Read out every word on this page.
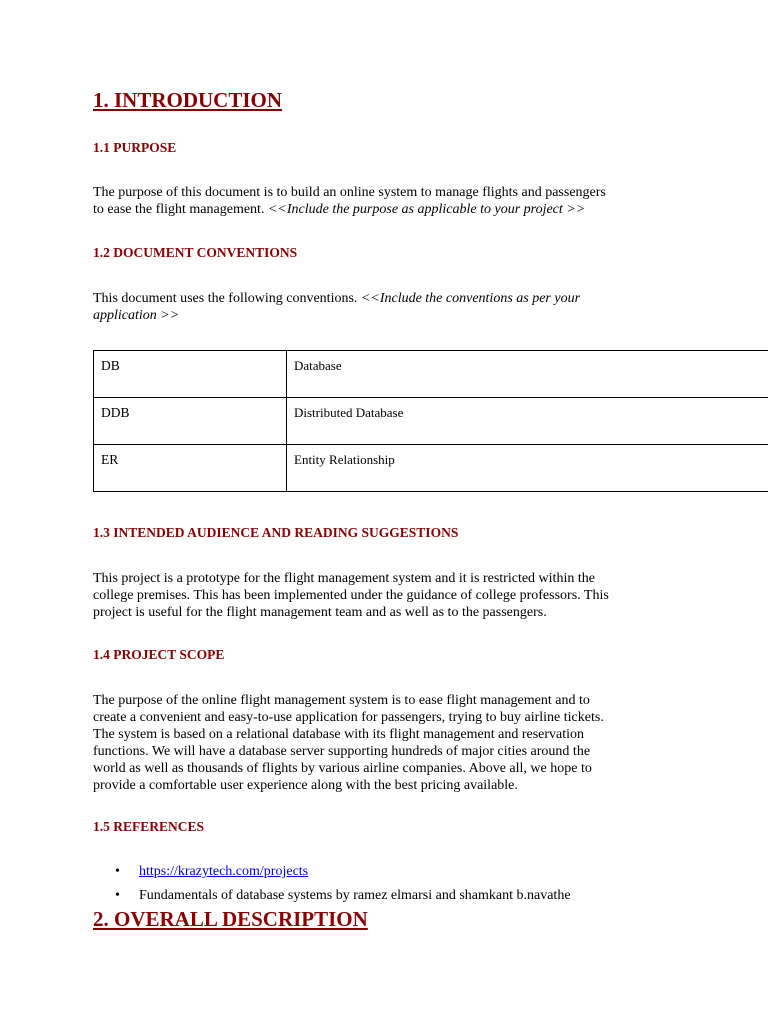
1. INTRODUCTION
1.1 PURPOSE
The purpose of this document is to build an online system to manage flights and passengers
to ease the flight management. <<Include the purpose as applicable to your project >>
1.2 DOCUMENT CONVENTIONS
This document uses the following conventions. <<Include the conventions as per your
application >>
DB	Database
DDB	Distributed Database
ER	Entity Relationship
1.3 INTENDED AUDIENCE AND READING SUGGESTIONS
This project is a prototype for the flight management system and it is restricted within the
college premises. This has been implemented under the guidance of college professors. This
project is useful for the flight management team and as well as to the passengers.
1.4 PROJECT SCOPE
The purpose of the online flight management system is to ease flight management and to
create a convenient and easy-to-use application for passengers, trying to buy airline tickets.
The system is based on a relational database with its flight management and reservation
functions. We will have a database server supporting hundreds of major cities around the
world as well as thousands of flights by various airline companies. Above all, we hope to
provide a comfortable user experience along with the best pricing available.
1.5 REFERENCES
• https://krazytech.com/projects
• Fundamentals of database systems by ramez elmarsi and shamkant b.navathe
2. OVERALL DESCRIPTION
